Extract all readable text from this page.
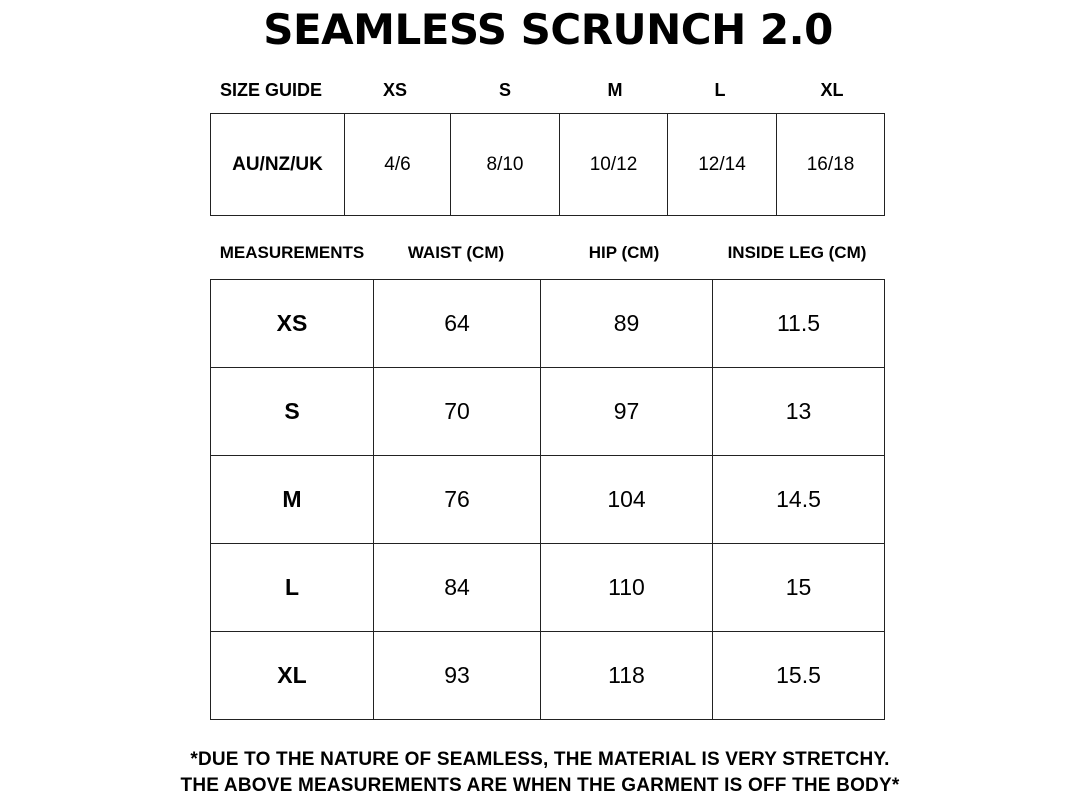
SEAMLESS SCRUNCH 2.0
SIZE GUIDE	XS	S	M	L	XL
AU/NZ/UK	4/6	8/10	10/12	12/14	16/18
MEASUREMENTS	WAIST (CM)	HIP (CM)	INSIDE LEG (CM)
XS	64	89	11.5
S	70	97	13
M	76	104	14.5
L	84	110	15
XL	93	118	15.5
*DUE TO THE NATURE OF SEAMLESS, THE MATERIAL IS VERY STRETCHY.
THE ABOVE MEASUREMENTS ARE WHEN THE GARMENT IS OFF THE BODY*
